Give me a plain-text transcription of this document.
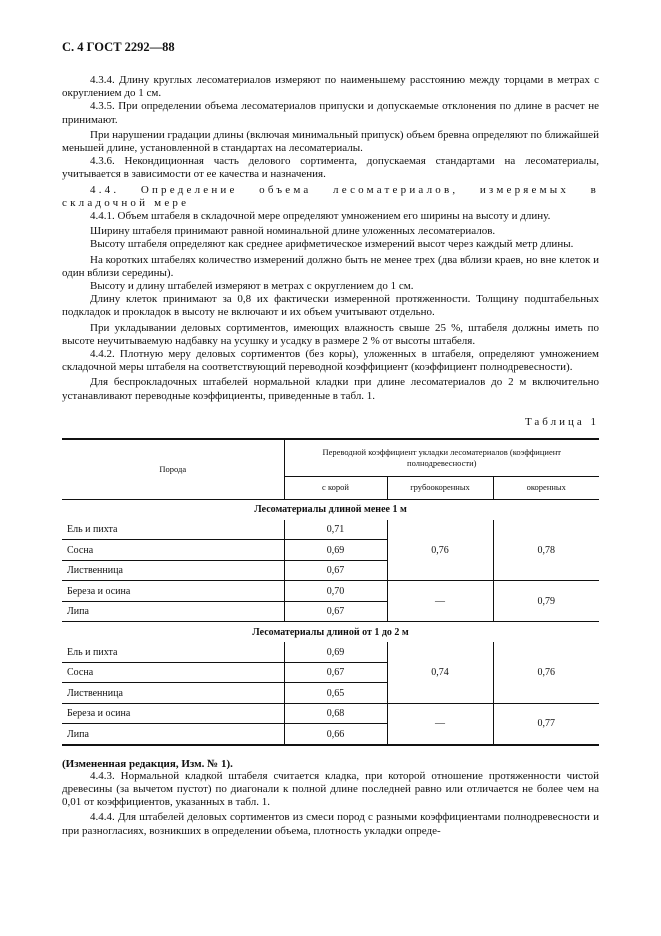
С. 4 ГОСТ 2292—88

4.3.4. Длину круглых лесоматериалов измеряют по наименьшему расстоянию между торцами в метрах с округлением до 1 см.

4.3.5. При определении объема лесоматериалов припуски и допускаемые отклонения по длине в расчет не принимают.

При нарушении градации длины (включая минимальный припуск) объем бревна определяют по ближайшей меньшей длине, установленной в стандартах на лесоматериалы.

4.3.6. Некондиционная часть делового сортимента, допускаемая стандартами на лесоматериалы, учитывается в зависимости от ее качества и назначения.

4.4. Определение объема лесоматериалов, измеряемых в складочной мере

4.4.1. Объем штабеля в складочной мере определяют умножением его ширины на высоту и длину.

Ширину штабеля принимают равной номинальной длине уложенных лесоматериалов.

Высоту штабеля определяют как среднее арифметическое измерений высот через каждый метр длины.

На коротких штабелях количество измерений должно быть не менее трех (два вблизи краев, но вне клеток и один вблизи середины).

Высоту и длину штабелей измеряют в метрах с округлением до 1 см.

Длину клеток принимают за 0,8 их фактически измеренной протяженности. Толщину подштабельных подкладок и прокладок в высоту не включают и их объем учитывают отдельно.

При укладывании деловых сортиментов, имеющих влажность свыше 25 %, штабеля должны иметь по высоте неучитываемую надбавку на усушку и усадку в размере 2 % от высоты штабеля.

4.4.2. Плотную меру деловых сортиментов (без коры), уложенных в штабеля, определяют умножением складочной меры штабеля на соответствующий переводной коэффициент (коэффициент полнодревесности).

Для беспрокладочных штабелей нормальной кладки при длине лесоматериалов до 2 м включительно устанавливают переводные коэффициенты, приведенные в табл. 1.

Таблица 1
Порода	Переводной коэффициент укладки лесоматериалов (коэффициент полнодревесности)		
	с корой	грубоокоренных	окоренных
Лесоматериалы длиной менее 1 м			
Ель и пихта	0,71	0,76	0,78
Сосна	0,69		
Лиственница	0,67		
Береза и осина	0,70	—	0,79
Липа	0,67		
Лесоматериалы длиной от 1 до 2 м			
Ель и пихта	0,69	0,74	0,76
Сосна	0,67		
Лиственница	0,65		
Береза и осина	0,68	—	0,77
Липа	0,66		
(Измененная редакция, Изм. № 1).

4.4.3. Нормальной кладкой штабеля считается кладка, при которой отношение протяженности чистой древесины (за вычетом пустот) по диагонали к полной длине последней равно или отличается не более чем на 0,01 от коэффициентов, указанных в табл. 1.

4.4.4. Для штабелей деловых сортиментов из смеси пород с разными коэффициентами полнодревесности и при разногласиях, возникших в определении объема, плотность укладки опреде-
